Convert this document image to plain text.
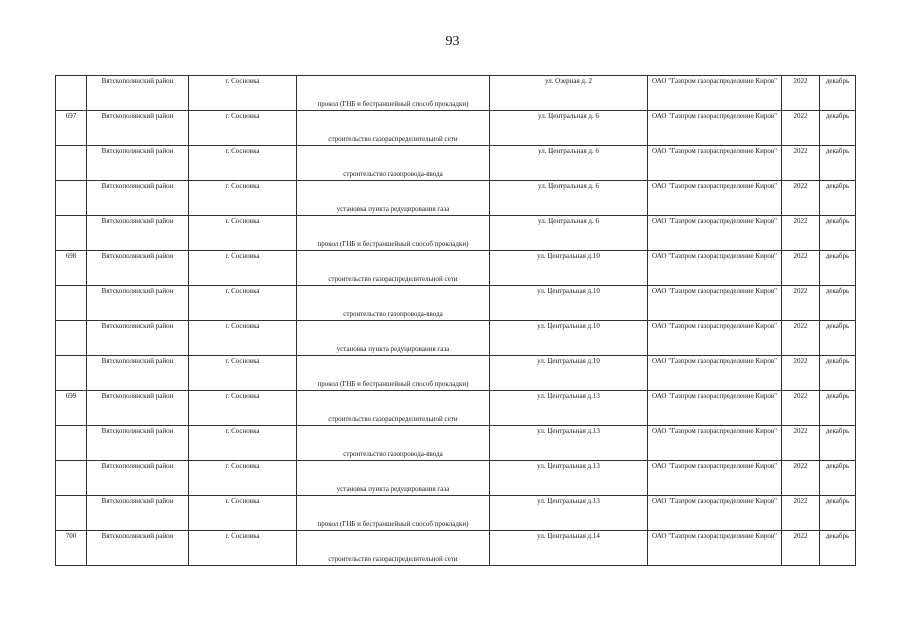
93
	Вятскополянский район	г. Сосновка	прокол (ГНБ и бестраншейный способ прокладки)	ул. Озерная д. 2	ОАО "Газпром газораспределение Киров"	2022	декабрь
697	Вятскополянский район	г. Сосновка	строительство газораспределительной сети	ул. Центральная д. 6	ОАО "Газпром газораспределение Киров"	2022	декабрь
	Вятскополянский район	г. Сосновка	строительство газопровода-ввода	ул. Центральная д. 6	ОАО "Газпром газораспределение Киров"	2022	декабрь
	Вятскополянский район	г. Сосновка	установка пункта редуцирования газа	ул. Центральная д. 6	ОАО "Газпром газораспределение Киров"	2022	декабрь
	Вятскополянский район	г. Сосновка	прокол (ГНБ и бестраншейный способ прокладки)	ул. Центральная д. 6	ОАО "Газпром газораспределение Киров"	2022	декабрь
698	Вятскополянский район	г. Сосновка	строительство газораспределительной сети	ул. Центральная д.10	ОАО "Газпром газораспределение Киров"	2022	декабрь
	Вятскополянский район	г. Сосновка	строительство газопровода-ввода	ул. Центральная д.10	ОАО "Газпром газораспределение Киров"	2022	декабрь
	Вятскополянский район	г. Сосновка	установка пункта редуцирования газа	ул. Центральная д.10	ОАО "Газпром газораспределение Киров"	2022	декабрь
	Вятскополянский район	г. Сосновка	прокол (ГНБ и бестраншейный способ прокладки)	ул. Центральная д.10	ОАО "Газпром газораспределение Киров"	2022	декабрь
699	Вятскополянский район	г. Сосновка	строительство газораспределительной сети	ул. Центральная д.13	ОАО "Газпром газораспределение Киров"	2022	декабрь
	Вятскополянский район	г. Сосновка	строительство газопровода-ввода	ул. Центральная д.13	ОАО "Газпром газораспределение Киров"	2022	декабрь
	Вятскополянский район	г. Сосновка	установка пункта редуцирования газа	ул. Центральная д.13	ОАО "Газпром газораспределение Киров"	2022	декабрь
	Вятскополянский район	г. Сосновка	прокол (ГНБ и бестраншейный способ прокладки)	ул. Центральная д.13	ОАО "Газпром газораспределение Киров"	2022	декабрь
700	Вятскополянский район	г. Сосновка	строительство газораспределительной сети	ул. Центральная д.14	ОАО "Газпром газораспределение Киров"	2022	декабрь
